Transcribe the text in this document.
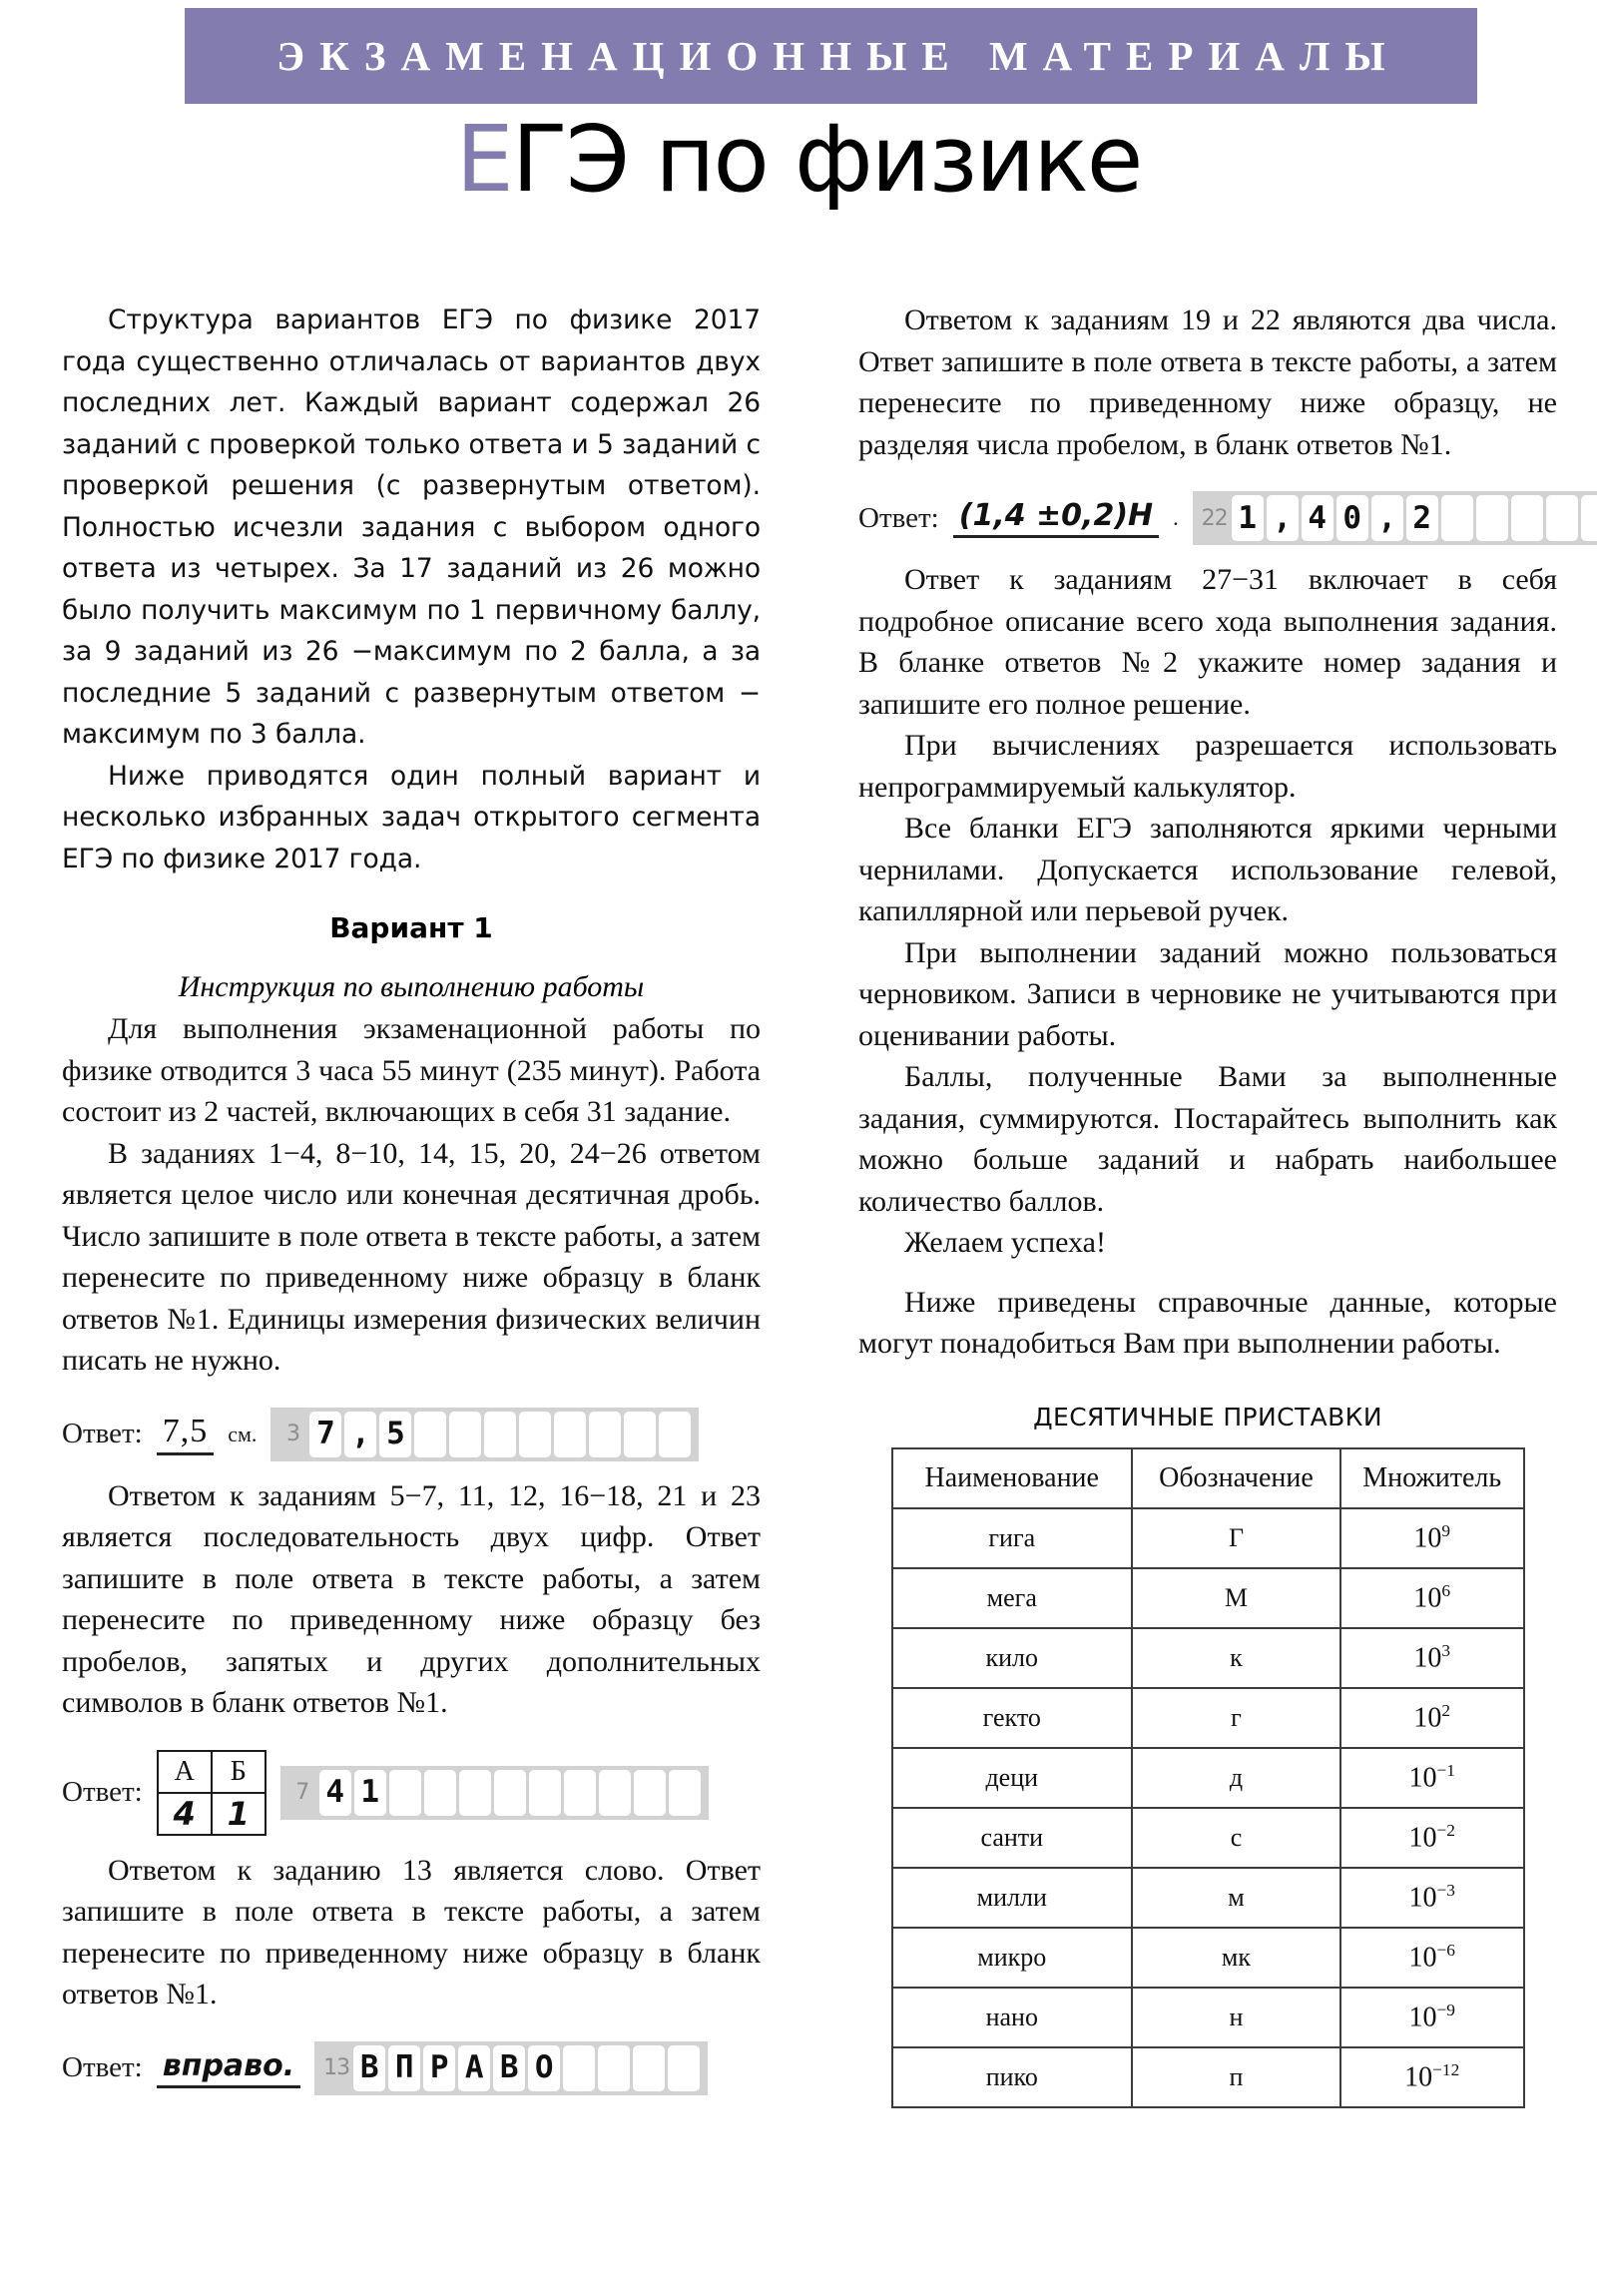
ЭКЗАМЕНАЦИОННЫЕ МАТЕРИАЛЫ
ЕГЭ по физике

Структура вариантов ЕГЭ по физике 2017 года существенно отличалась от вариантов двух последних лет. Каждый вариант содержал 26 заданий с проверкой только ответа и 5 заданий с проверкой решения (с развернутым ответом). Полностью исчезли задания с выбором одного ответа из четырех. За 17 заданий из 26 можно было получить максимум по 1 первичному баллу, за 9 заданий из 26 −максимум по 2 балла, а за последние 5 заданий с развернутым ответом − максимум по 3 балла.

Ниже приводятся один полный вариант и несколько избранных задач открытого сегмента ЕГЭ по физике 2017 года.

Вариант 1
Инструкция по выполнению работы

Для выполнения экзаменационной работы по физике отводится 3 часа 55 минут (235 минут). Работа состоит из 2 частей, включающих в себя 31 задание.

В заданиях 1−4, 8−10, 14, 15, 20, 24−26 ответом является целое число или конечная десятичная дробь. Число запишите в поле ответа в тексте работы, а затем перенесите по приведенному ниже образцу в бланк ответов №1. Единицы измерения физических величин писать не нужно.

Ответ: 7,5 см.	3 7 , 5

Ответом к заданиям 5−7, 11, 12, 16−18, 21 и 23 является последовательность двух цифр. Ответ запишите в поле ответа в тексте работы, а затем перенесите по приведенному ниже образцу без пробелов, запятых и других дополнительных символов в бланк ответов №1.

Ответ:
А	Б
4	1
7 4 1

Ответом к заданию 13 является слово. Ответ запишите в поле ответа в тексте работы, а затем перенесите по приведенному ниже образцу в бланк ответов №1.

Ответ: вправо. 13 В П Р А В О

Ответом к заданиям 19 и 22 являются два числа. Ответ запишите в поле ответа в тексте работы, а затем перенесите по приведенному ниже образцу, не разделяя числа пробелом, в бланк ответов №1.

Ответ: (1,4 ±0,2)Н . 22 1 , 4 0 , 2

Ответ к заданиям 27−31 включает в себя подробное описание всего хода выполнения задания. В бланке ответов №2 укажите номер задания и запишите его полное решение.

При вычислениях разрешается использовать непрограммируемый калькулятор.

Все бланки ЕГЭ заполняются яркими черными чернилами. Допускается использование гелевой, капиллярной или перьевой ручек.

При выполнении заданий можно пользоваться черновиком. Записи в черновике не учитываются при оценивании работы.

Баллы, полученные Вами за выполненные задания, суммируются. Постарайтесь выполнить как можно больше заданий и набрать наибольшее количество баллов.

Желаем успеха!

Ниже приведены справочные данные, которые могут понадобиться Вам при выполнении работы.

ДЕСЯТИЧНЫЕ ПРИСТАВКИ
Наименование	Обозначение	Множитель
гига	Г	$10^9$
мега	М	$10^6$
кило	к	$10^3$
гекто	г	$10^2$
деци	д	$10^{-1}$
санти	с	$10^{-2}$
милли	м	$10^{-3}$
микро	мк	$10^{-6}$
нано	н	$10^{-9}$
пико	п	$10^{-12}$
